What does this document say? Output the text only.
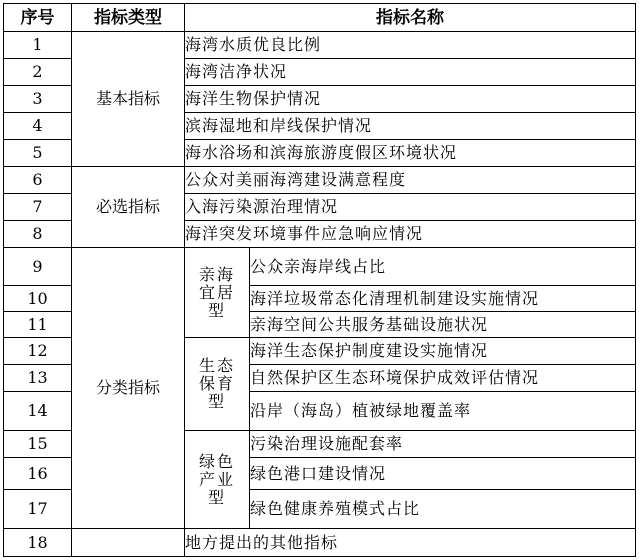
序号	指标类型	指标名称	
1	基本指标	海湾水质优良比例	
2		海湾洁净状况	
3		海洋生物保护情况	
4		滨海湿地和岸线保护情况	
5		海水浴场和滨海旅游度假区环境状况	
6	必选指标	公众对美丽海湾建设满意程度	
7		入海污染源治理情况	
8		海洋突发环境事件应急响应情况	
9	分类指标	亲海
宜居
型	公众亲海岸线占比
10			海洋垃圾常态化清理机制建设实施情况
11			亲海空间公共服务基础设施状况
12		生态
保育
型	海洋生态保护制度建设实施情况
13			自然保护区生态环境保护成效评估情况
14			沿岸（海岛）植被绿地覆盖率
15		绿色
产业
型	污染治理设施配套率
16			绿色港口建设情况
17			绿色健康养殖模式占比
18		地方提出的其他指标	
